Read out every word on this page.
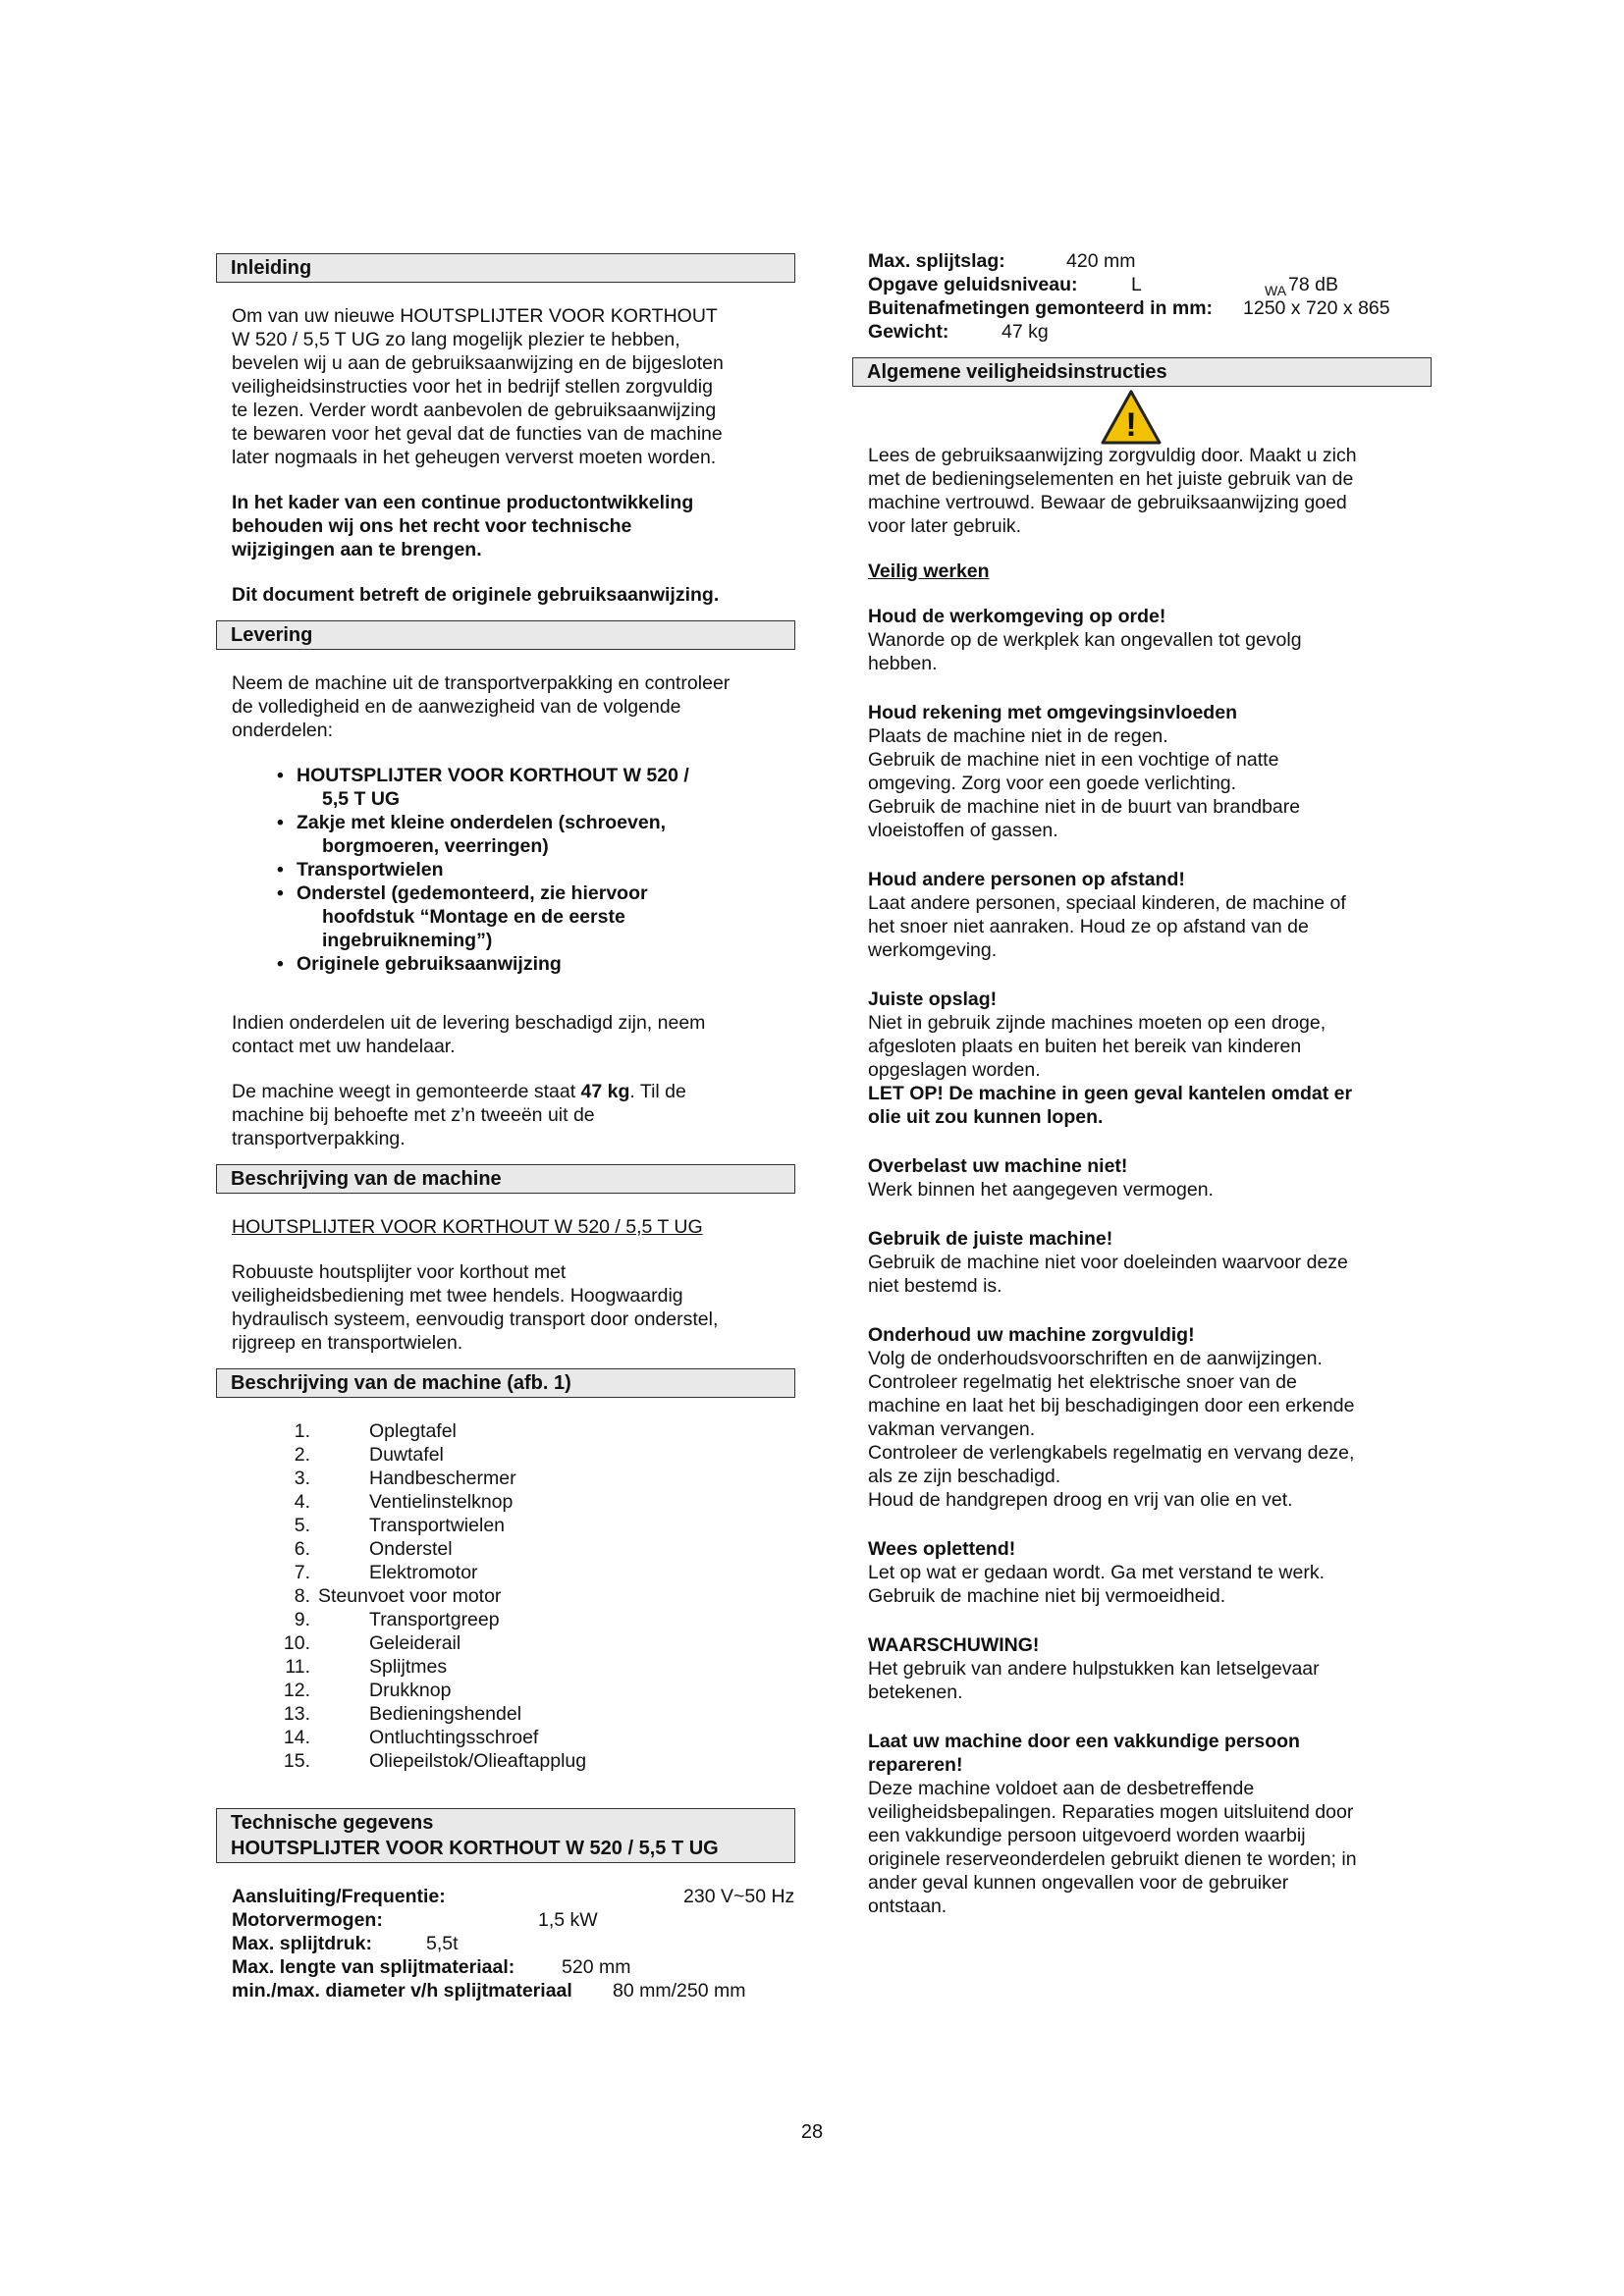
Inleiding
Om van uw nieuwe HOUTSPLIJTER VOOR KORTHOUT
W 520 / 5,5 T UG zo lang mogelijk plezier te hebben,
bevelen wij u aan de gebruiksaanwijzing en de bijgesloten
veiligheidsinstructies voor het in bedrijf stellen zorgvuldig
te lezen. Verder wordt aanbevolen de gebruiksaanwijzing
te bewaren voor het geval dat de functies van de machine
later nogmaals in het geheugen ververst moeten worden.
In het kader van een continue productontwikkeling
behouden wij ons het recht voor technische
wijzigingen aan te brengen.
Dit document betreft de originele gebruiksaanwijzing.
Levering
Neem de machine uit de transportverpakking en controleer
de volledigheid en de aanwezigheid van de volgende
onderdelen:
• HOUTSPLIJTER VOOR KORTHOUT W 520 /
5,5 T UG
• Zakje met kleine onderdelen (schroeven,
borgmoeren, veerringen)
• Transportwielen
• Onderstel (gedemonteerd, zie hiervoor
hoofdstuk “Montage en de eerste
ingebruikneming”)
• Originele gebruiksaanwijzing
Indien onderdelen uit de levering beschadigd zijn, neem
contact met uw handelaar.
De machine weegt in gemonteerde staat 47 kg. Til de
machine bij behoefte met z’n tweeën uit de
transportverpakking.
Beschrijving van de machine
HOUTSPLIJTER VOOR KORTHOUT W 520 / 5,5 T UG
Robuuste houtsplijter voor korthout met
veiligheidsbediening met twee hendels. Hoogwaardig
hydraulisch systeem, eenvoudig transport door onderstel,
rijgreep en transportwielen.
Beschrijving van de machine (afb. 1)
1.	Oplegtafel
2.	Duwtafel
3.	Handbeschermer
4.	Ventielinstelknop
5.	Transportwielen
6.	Onderstel
7.	Elektromotor
8. Steunvoet voor motor
9.	Transportgreep
10.	Geleiderail
11.	Splijtmes
12.	Drukknop
13.	Bedieningshendel
14.	Ontluchtingsschroef
15.	Oliepeilstok/Olieaftapplug
Technische gegevens
HOUTSPLIJTER VOOR KORTHOUT W 520 / 5,5 T UG
Aansluiting/Frequentie:	230 V~50 Hz
Motorvermogen:	1,5 kW
Max. splijtdruk:	5,5t
Max. lengte van splijtmateriaal: 520 mm
min./max. diameter v/h splijtmateriaal 80 mm/250 mm
Max. splijtslag:	420 mm
Opgave geluidsniveau:	L	WA 78 dB
Buitenafmetingen gemonteerd in mm: 1250 x 720 x 865
Gewicht:	47 kg
Algemene veiligheidsinstructies
!
Lees de gebruiksaanwijzing zorgvuldig door. Maakt u zich
met de bedieningselementen en het juiste gebruik van de
machine vertrouwd. Bewaar de gebruiksaanwijzing goed
voor later gebruik.
Veilig werken
Houd de werkomgeving op orde!
Wanorde op de werkplek kan ongevallen tot gevolg
hebben.
Houd rekening met omgevingsinvloeden
Plaats de machine niet in de regen.
Gebruik de machine niet in een vochtige of natte
omgeving. Zorg voor een goede verlichting.
Gebruik de machine niet in de buurt van brandbare
vloeistoffen of gassen.
Houd andere personen op afstand!
Laat andere personen, speciaal kinderen, de machine of
het snoer niet aanraken. Houd ze op afstand van de
werkomgeving.
Juiste opslag!
Niet in gebruik zijnde machines moeten op een droge,
afgesloten plaats en buiten het bereik van kinderen
opgeslagen worden.
LET OP! De machine in geen geval kantelen omdat er
olie uit zou kunnen lopen.
Overbelast uw machine niet!
Werk binnen het aangegeven vermogen.
Gebruik de juiste machine!
Gebruik de machine niet voor doeleinden waarvoor deze
niet bestemd is.
Onderhoud uw machine zorgvuldig!
Volg de onderhoudsvoorschriften en de aanwijzingen.
Controleer regelmatig het elektrische snoer van de
machine en laat het bij beschadigingen door een erkende
vakman vervangen.
Controleer de verlengkabels regelmatig en vervang deze,
als ze zijn beschadigd.
Houd de handgrepen droog en vrij van olie en vet.
Wees oplettend!
Let op wat er gedaan wordt. Ga met verstand te werk.
Gebruik de machine niet bij vermoeidheid.
WAARSCHUWING!
Het gebruik van andere hulpstukken kan letselgevaar
betekenen.
Laat uw machine door een vakkundige persoon
repareren!
Deze machine voldoet aan de desbetreffende
veiligheidsbepalingen. Reparaties mogen uitsluitend door
een vakkundige persoon uitgevoerd worden waarbij
originele reserveonderdelen gebruikt dienen te worden; in
ander geval kunnen ongevallen voor de gebruiker
ontstaan.
28
